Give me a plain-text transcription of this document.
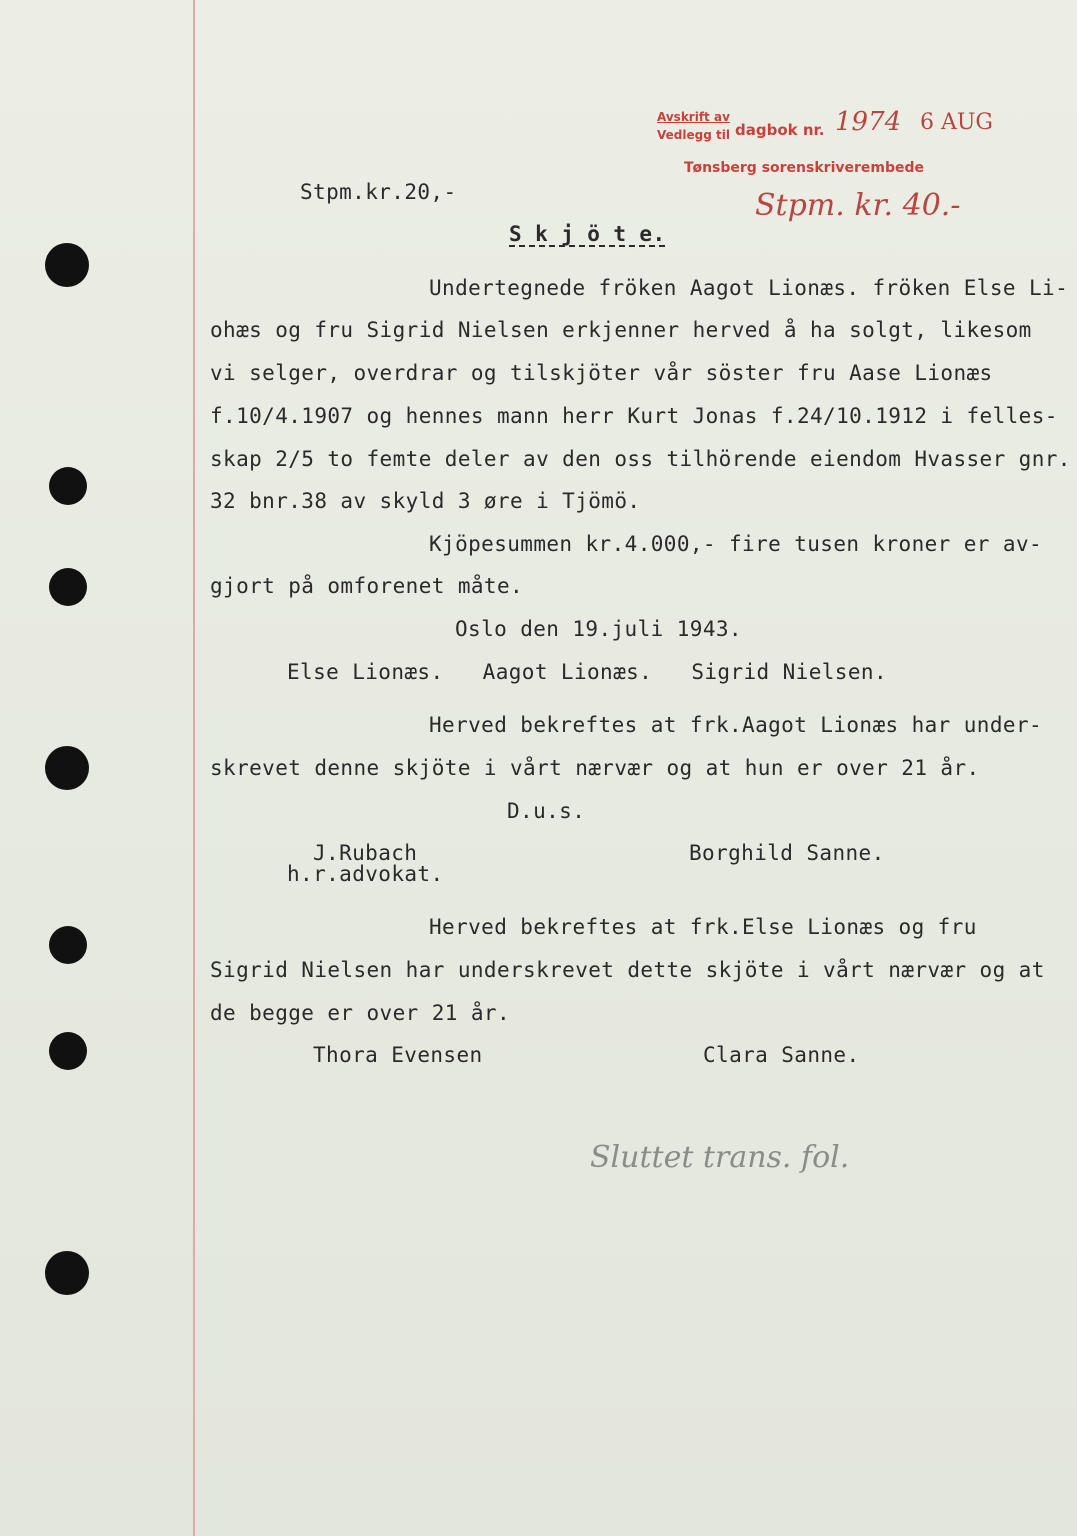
Avskrift av
Vedlegg til dagbok nr. 1974 6 AUG
Tønsberg sorenskriverembede
Stpm. kr. 40.-
Stpm.kr.20,-
S k j ö t e.
Undertegnede fröken Aagot Lionæs. fröken Else Li-
ohæs og fru Sigrid Nielsen erkjenner herved å ha solgt, likesom
vi selger, overdrar og tilskjöter vår söster fru Aase Lionæs
f.10/4.1907 og hennes mann herr Kurt Jonas f.24/10.1912 i felles-
skap 2/5 to femte deler av den oss tilhörende eiendom Hvasser gnr.
32 bnr.38 av skyld 3 øre i Tjömö.
Kjöpesummen kr.4.000,- fire tusen kroner er av-
gjort på omforenet måte.
Oslo den 19.juli 1943.
Else Lionæs.   Aagot Lionæs.   Sigrid Nielsen.
Herved bekreftes at frk.Aagot Lionæs har under-
skrevet denne skjöte i vårt nærvær og at hun er over 21 år.
D.u.s.
J.Rubach	Borghild Sanne.
h.r.advokat.
Herved bekreftes at frk.Else Lionæs og fru
Sigrid Nielsen har underskrevet dette skjöte i vårt nærvær og at
de begge er over 21 år.
Thora Evensen	Clara Sanne.
Sluttet trans. fol.
